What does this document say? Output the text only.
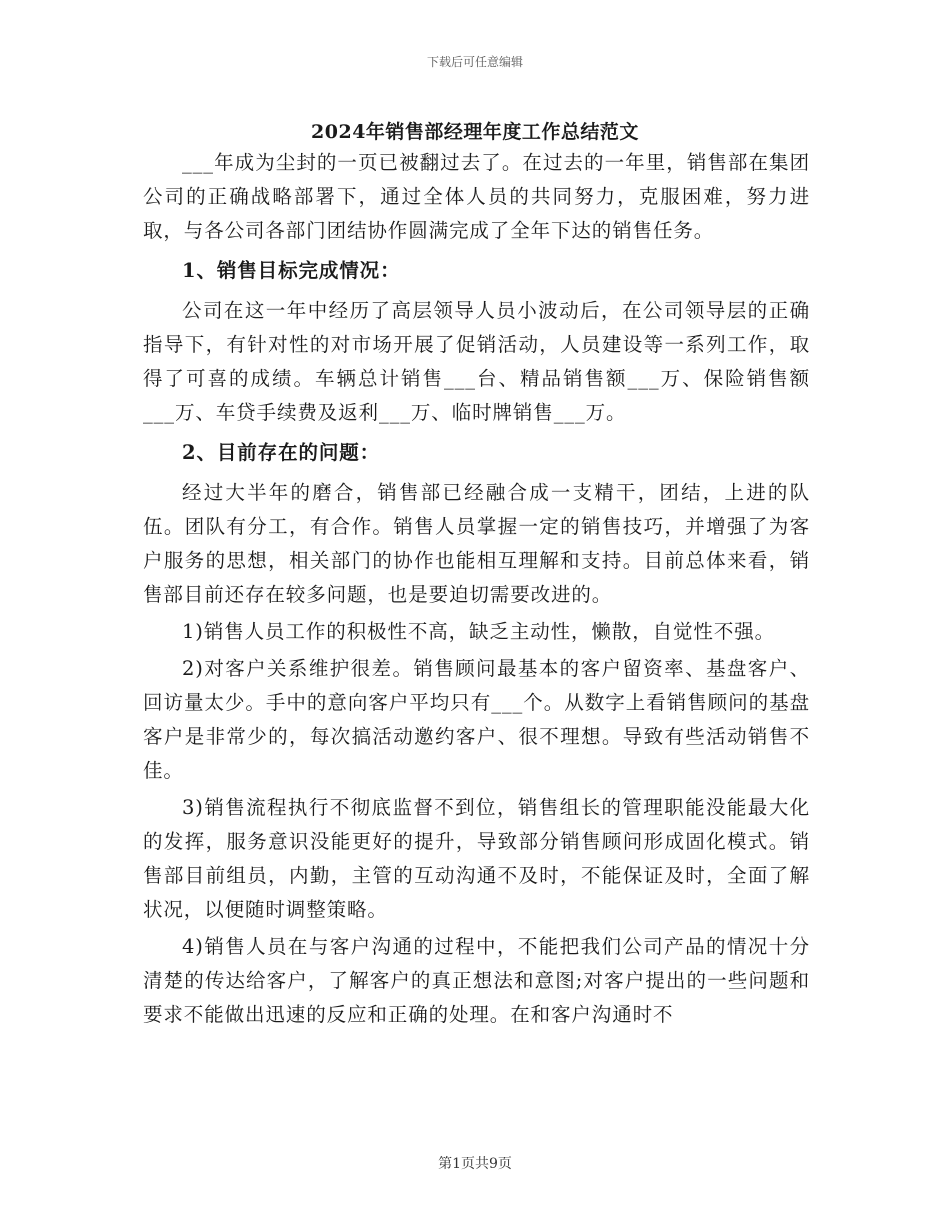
下载后可任意编辑
2024年销售部经理年度工作总结范文

___年成为尘封的一页已被翻过去了。在过去的一年里，销售部在集团公司的正确战略部署下，通过全体人员的共同努力，克服困难，努力进取，与各公司各部门团结协作圆满完成了全年下达的销售任务。

1、销售目标完成情况：

公司在这一年中经历了高层领导人员小波动后，在公司领导层的正确指导下，有针对性的对市场开展了促销活动，人员建设等一系列工作，取得了可喜的成绩。车辆总计销售___台、精品销售额___万、保险销售额___万、车贷手续费及返利___万、临时牌销售___万。

2、目前存在的问题：

经过大半年的磨合，销售部已经融合成一支精干，团结，上进的队伍。团队有分工，有合作。销售人员掌握一定的销售技巧，并增强了为客户服务的思想，相关部门的协作也能相互理解和支持。目前总体来看，销售部目前还存在较多问题，也是要迫切需要改进的。

1)销售人员工作的积极性不高，缺乏主动性，懒散，自觉性不强。

2)对客户关系维护很差。销售顾问最基本的客户留资率、基盘客户、回访量太少。手中的意向客户平均只有___个。从数字上看销售顾问的基盘客户是非常少的，每次搞活动邀约客户、很不理想。导致有些活动销售不佳。

3)销售流程执行不彻底监督不到位，销售组长的管理职能没能最大化的发挥，服务意识没能更好的提升，导致部分销售顾问形成固化模式。销售部目前组员，内勤，主管的互动沟通不及时，不能保证及时，全面了解状况，以便随时调整策略。

4)销售人员在与客户沟通的过程中，不能把我们公司产品的情况十分清楚的传达给客户，了解客户的真正想法和意图;对客户提出的一些问题和要求不能做出迅速的反应和正确的处理。在和客户沟通时不

第1页共9页
